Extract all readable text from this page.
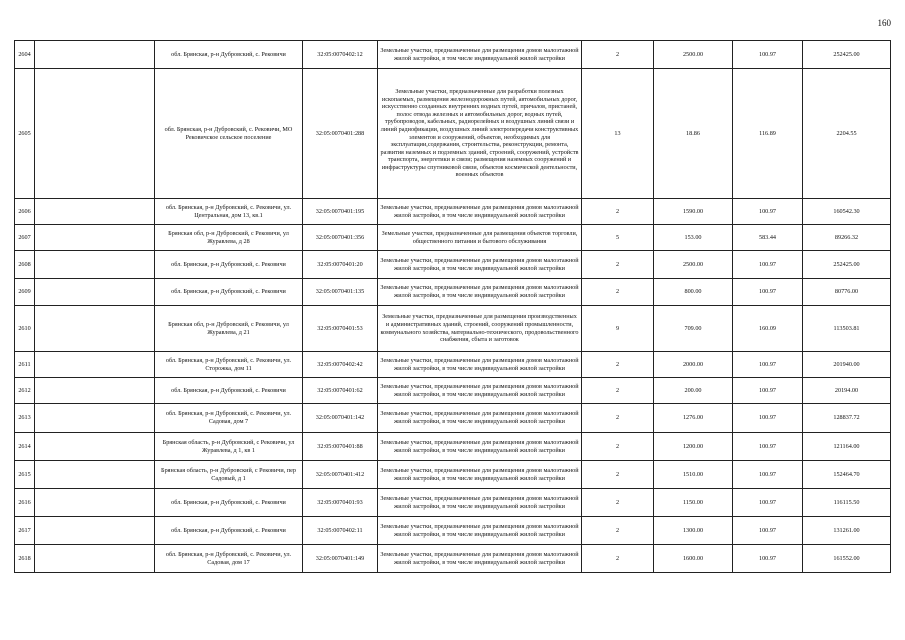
160
2604		обл. Брянская, р-н Дубровский, с. Рековичи	32:05:0070402:12	Земельные участки, предназначенные для размещения домов малоэтажной жилой застройки, в том числе индивидуальной жилой застройки	2	2500.00	100.97	252425.00
2605		обл. Брянская, р-н Дубровский, с. Рековичи, МО Рековичское сельское поселение	32:05:0070401:288	Земельные участки, предназначенные для разработки полезных ископаемых, размещения железнодорожных путей, автомобильных дорог, искусственно созданных внутренних водных путей, причалов, пристаней, полос отвода железных и автомобильных дорог, водных путей, трубопроводов, кабельных, радиорелейных и воздушных линий связи и линий радиофикации, воздушных линий электропередачи конструктивных элементов и сооружений, объектов, необходимых для эксплуатации,содержания, строительства, реконструкции, ремонта, развития наземных и подземных зданий, строений, сооружений, устройств транспорта, энергетики и связи; размещения наземных сооружений и инфраструктуры спутниковой связи, объектов космической деятельности, военных объектов	13	18.86	116.89	2204.55
2606		обл. Брянская, р-н Дубровский, с. Рековичи, ул. Центральная, дом 13, кв.1	32:05:0070401:195	Земельные участки, предназначенные для размещения домов малоэтажной жилой застройки, в том числе индивидуальной жилой застройки	2	1590.00	100.97	160542.30
2607		Брянская обл, р-н Дубровский, с Рековичи, ул Журавлева, д 28	32:05:0070401:356	Земельные участки, предназначенные для размещения объектов торговли, общественного питания и бытового обслуживания	5	153.00	583.44	89266.32
2608		обл. Брянская, р-н Дубровский, с. Рековичи	32:05:0070401:20	Земельные участки, предназначенные для размещения домов малоэтажной жилой застройки, в том числе индивидуальной жилой застройки	2	2500.00	100.97	252425.00
2609		обл. Брянская, р-н Дубровский, с. Рековичи	32:05:0070401:135	Земельные участки, предназначенные для размещения домов малоэтажной жилой застройки, в том числе индивидуальной жилой застройки	2	800.00	100.97	80776.00
2610		Брянская обл, р-н Дубровский, с Рековичи, ул Журавлева, д 21	32:05:0070401:53	Земельные участки, предназначенные для размещения производственных и административных зданий, строений, сооружений промышленности, коммунального хозяйства, материально-технического, продовольственного снабжения, сбыта и заготовок	9	709.00	160.09	113503.81
2611		обл. Брянская, р-н Дубровский, с. Рековичи, ул. Сторожка, дом 11	32:05:0070402:42	Земельные участки, предназначенные для размещения домов малоэтажной жилой застройки, в том числе индивидуальной жилой застройки	2	2000.00	100.97	201940.00
2612		обл. Брянская, р-н Дубровский, с. Рековичи	32:05:0070401:62	Земельные участки, предназначенные для размещения домов малоэтажной жилой застройки, в том числе индивидуальной жилой застройки	2	200.00	100.97	20194.00
2613		обл. Брянская, р-н Дубровский, с. Рековичи, ул. Садовая, дом 7	32:05:0070401:142	Земельные участки, предназначенные для размещения домов малоэтажной жилой застройки, в том числе индивидуальной жилой застройки	2	1276.00	100.97	128837.72
2614		Брянская область, р-н Дубровский, с Рековичи, ул Журавлева, д 1, кв 1	32:05:0070401:88	Земельные участки, предназначенные для размещения домов малоэтажной жилой застройки, в том числе индивидуальной жилой застройки	2	1200.00	100.97	121164.00
2615		Брянская область, р-н Дубровский, с Рековичи, пер Садовый, д 1	32:05:0070401:412	Земельные участки, предназначенные для размещения домов малоэтажной жилой застройки, в том числе индивидуальной жилой застройки	2	1510.00	100.97	152464.70
2616		обл. Брянская, р-н Дубровский, с. Рековичи	32:05:0070401:93	Земельные участки, предназначенные для размещения домов малоэтажной жилой застройки, в том числе индивидуальной жилой застройки	2	1150.00	100.97	116115.50
2617		обл. Брянская, р-н Дубровский, с. Рековичи	32:05:0070402:11	Земельные участки, предназначенные для размещения домов малоэтажной жилой застройки, в том числе индивидуальной жилой застройки	2	1300.00	100.97	131261.00
2618		обл. Брянская, р-н Дубровский, с. Рековичи, ул. Садовая, дом 17	32:05:0070401:149	Земельные участки, предназначенные для размещения домов малоэтажной жилой застройки, в том числе индивидуальной жилой застройки	2	1600.00	100.97	161552.00
